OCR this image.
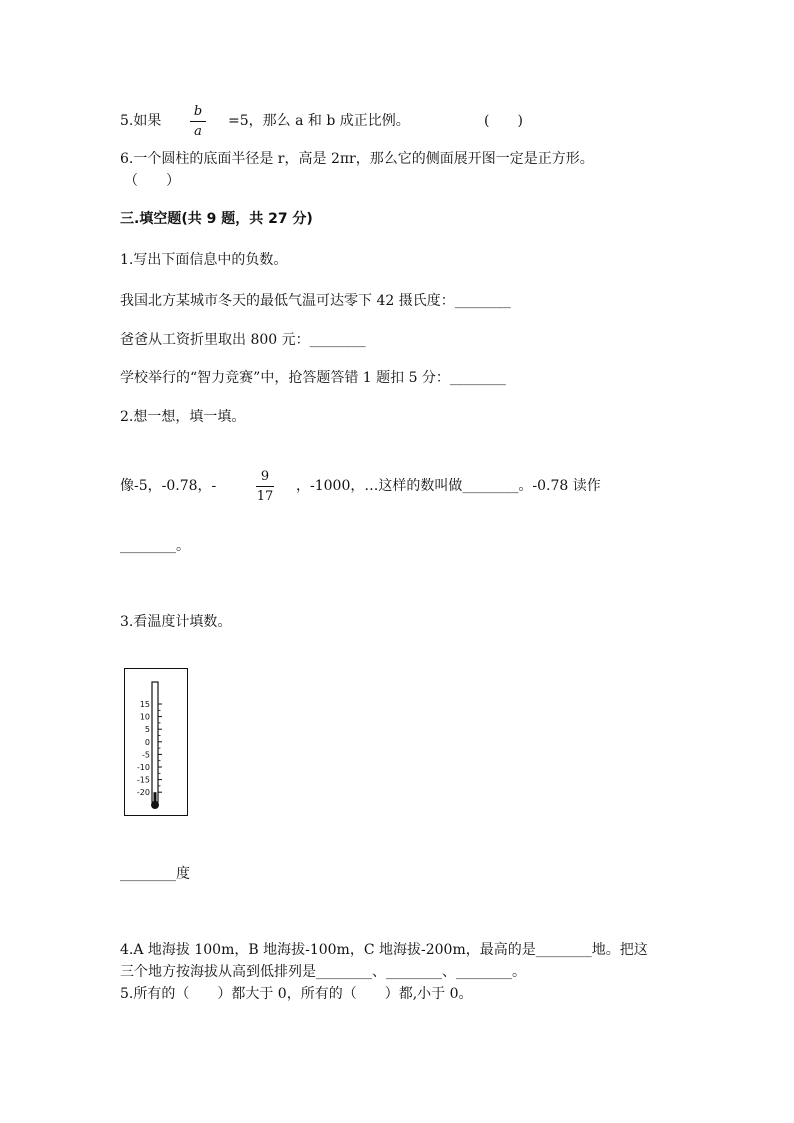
5.如果
b
a
=5，那么 a 和 b 成正比例。	(　　)
6.一个圆柱的底面半径是 r，高是 2πr，那么它的侧面展开图一定是正方形。
（　　）
三.填空题(共 9 题，共 27 分)
1.写出下面信息中的负数。
我国北方某城市冬天的最低气温可达零下 42 摄氏度：________
爸爸从工资折里取出 800 元：________
学校举行的“智力竞赛”中，抢答题答错 1 题扣 5 分：________
2.想一想，填一填。
像-5，-0.78，-
9
17
，-1000，…这样的数叫做________。-0.78 读作
________。
3.看温度计填数。
15
10
5
0
-5
-10
-15
-20
________度
4.A 地海拔 100m，B 地海拔-100m，C 地海拔-200m，最高的是________地。把这
三个地方按海拔从高到低排列是________、________、________。
5.所有的（　　）都大于 0，所有的（　　）都,小于 0。
